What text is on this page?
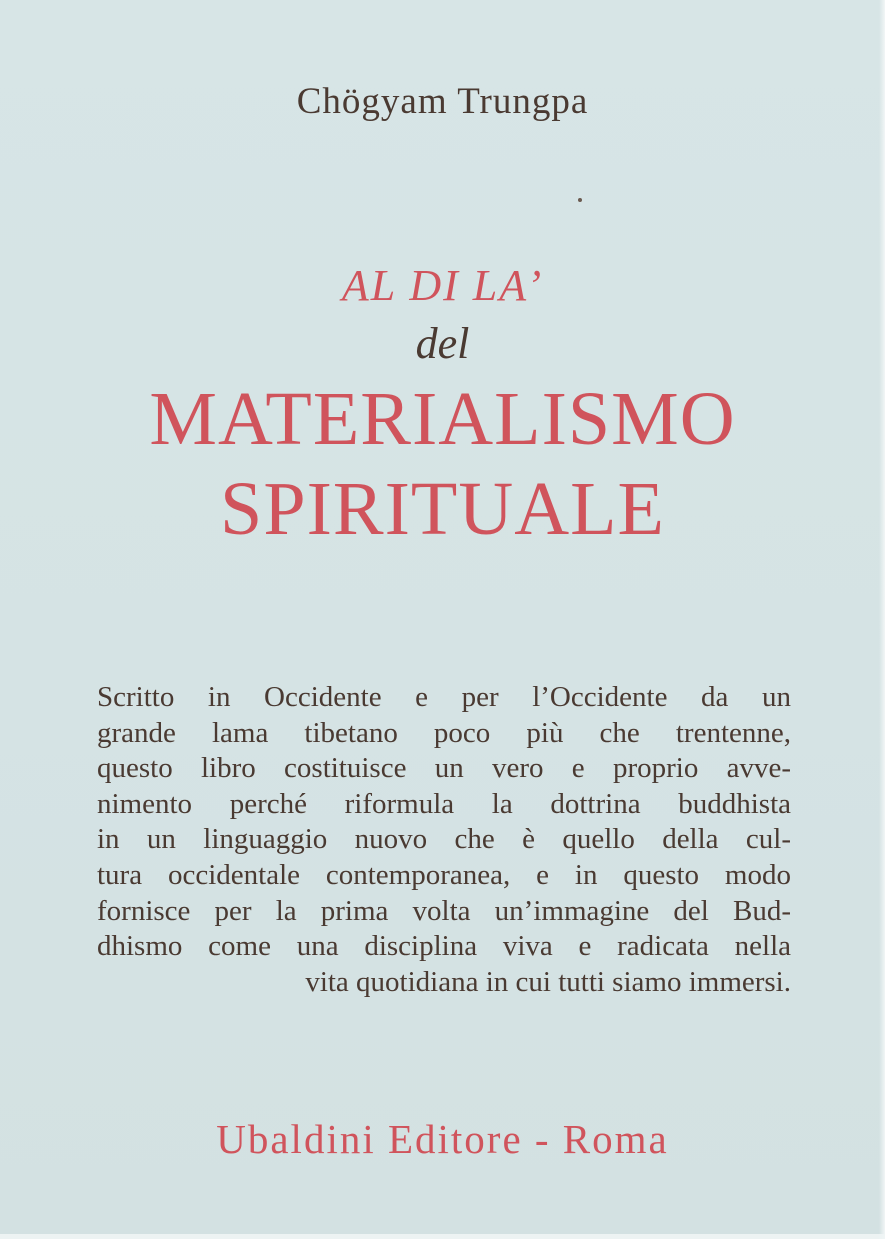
Chögyam Trungpa
AL DI LA’
del
MATERIALISMO
SPIRITUALE
Scritto in Occidente e per l’Occidente da un
grande lama tibetano poco più che trentenne,
questo libro costituisce un vero e proprio avve-
nimento perché riformula la dottrina buddhista
in un linguaggio nuovo che è quello della cul-
tura occidentale contemporanea, e in questo modo
fornisce per la prima volta un’immagine del Bud-
dhismo come una disciplina viva e radicata nella
vita quotidiana in cui tutti siamo immersi.
Ubaldini Editore - Roma
